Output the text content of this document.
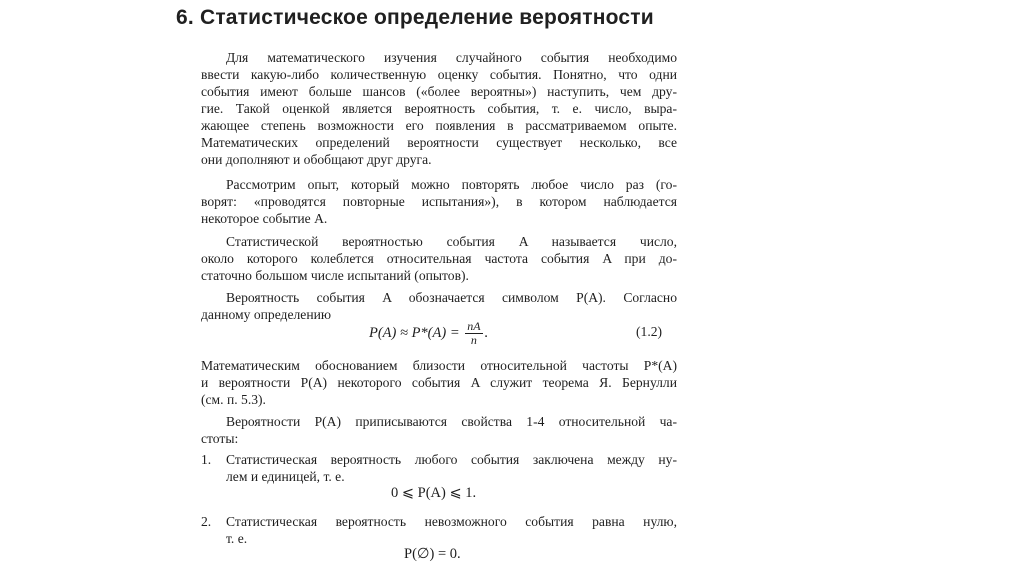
6. Статистическое определение вероятности
Для математического изучения случайного события необходимо
ввести какую-либо количественную оценку события. Понятно, что одни
события имеют больше шансов («более вероятны») наступить, чем дру-
гие. Такой оценкой является вероятность события, т. е. число, выра-
жающее степень возможности его появления в рассматриваемом опыте.
Математических определений вероятности существует несколько, все
они дополняют и обобщают друг друга.
Рассмотрим опыт, который можно повторять любое число раз (го-
ворят: «проводятся повторные испытания»), в котором наблюдается
некоторое событие A.
Статистической вероятностью события A называется число,
около которого колеблется относительная частота события A при до-
статочно большом числе испытаний (опытов).
Вероятность события A обозначается символом P(A). Согласно
данному определению
$P(A) \approx P*(A) = \frac{nA}{n}$ .	(1.2)
Математическим обоснованием близости относительной частоты P*(A)
и вероятности P(A) некоторого события A служит теорема Я. Бернулли
(см. п. 5.3).
Вероятности P(A) приписываются свойства 1-4 относительной ча-
стоты:
1. Статистическая вероятность любого события заключена между ну-
лем и единицей, т. е.
0 ⩽ P(A) ⩽ 1.
2. Статистическая вероятность невозможного события равна нулю,
т. е.
P(∅) = 0.
